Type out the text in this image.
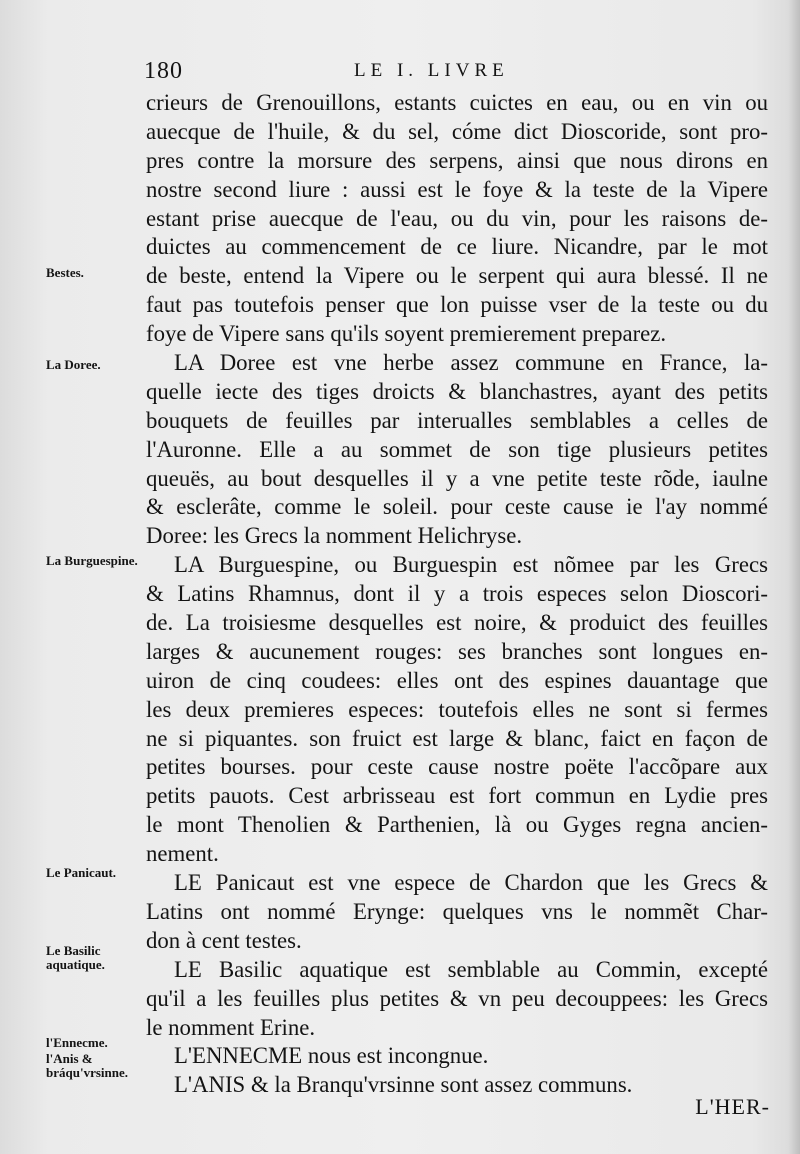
180	LE I. LIVRE
crieurs de Grenouillons, estants cuictes en eau, ou en vin ou
auecque de l'huile, & du sel, cóme dict Dioscoride, sont pro-
pres contre la morsure des serpens, ainsi que nous dirons en
nostre second liure : aussi est le foye & la teste de la Vipere
estant prise auecque de l'eau, ou du vin, pour les raisons de-
duictes au commencement de ce liure. Nicandre, par le mot
de beste, entend la Vipere ou le serpent qui aura blessé. Il ne
faut pas toutefois penser que lon puisse vser de la teste ou du
foye de Vipere sans qu'ils soyent premierement preparez.
LA Doree est vne herbe assez commune en France, la-
quelle iecte des tiges droicts & blanchastres, ayant des petits
bouquets de feuilles par interualles semblables a celles de
l'Auronne. Elle a au sommet de son tige plusieurs petites
queuës, au bout desquelles il y a vne petite teste rõde, iaulne
& esclerâte, comme le soleil. pour ceste cause ie l'ay nommé
Doree: les Grecs la nomment Helichryse.
LA Burguespine, ou Burguespin est nõmee par les Grecs
& Latins Rhamnus, dont il y a trois especes selon Dioscori-
de. La troisiesme desquelles est noire, & produict des feuilles
larges & aucunement rouges: ses branches sont longues en-
uiron de cinq coudees: elles ont des espines dauantage que
les deux premieres especes: toutefois elles ne sont si fermes
ne si piquantes. son fruict est large & blanc, faict en façon de
petites bourses. pour ceste cause nostre poëte l'accõpare aux
petits pauots. Cest arbrisseau est fort commun en Lydie pres
le mont Thenolien & Parthenien, là ou Gyges regna ancien-
nement.
LE Panicaut est vne espece de Chardon que les Grecs &
Latins ont nommé Erynge: quelques vns le nommẽt Char-
don à cent testes.
LE Basilic aquatique est semblable au Commin, excepté
qu'il a les feuilles plus petites & vn peu decouppees: les Grecs
le nomment Erine.
L'ENNECME nous est incongnue.
L'ANIS & la Branqu'vrsinne sont assez communs.
Bestes.
La Doree.
La Burguespine.
Le Panicaut.
Le Basilic aquatique.
l'Ennecme.
l'Anis & bráqu'vrsinne.
L'HER-
